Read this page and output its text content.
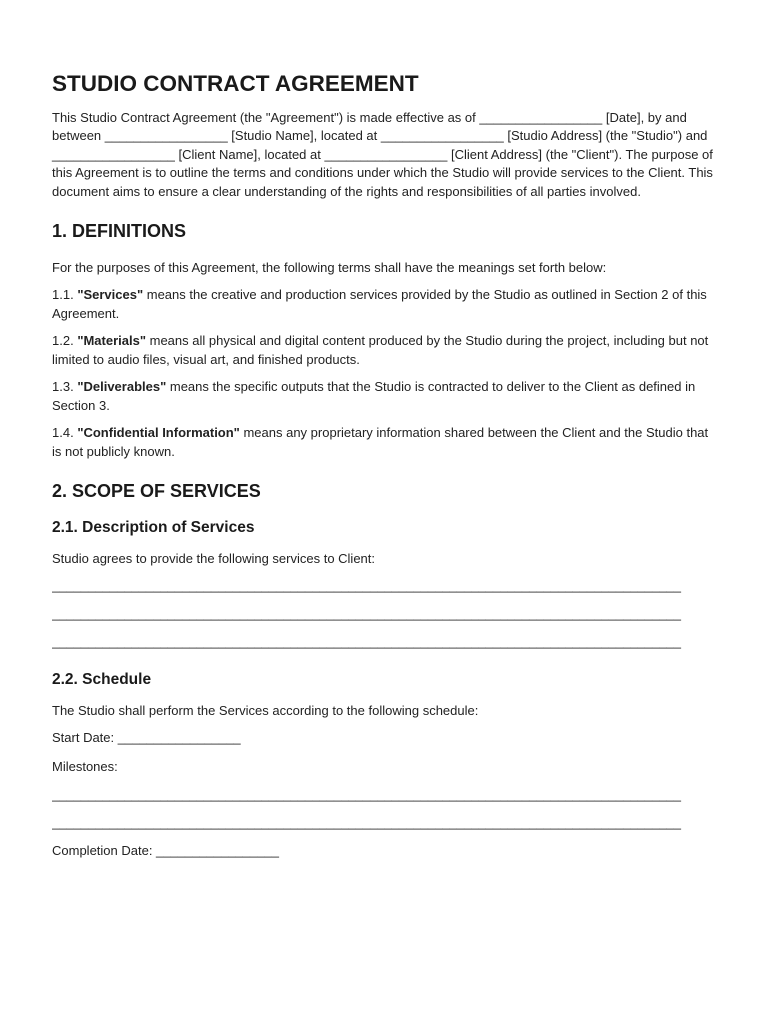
STUDIO CONTRACT AGREEMENT

This Studio Contract Agreement (the "Agreement") is made effective as of _________________ [Date], by and between _________________ [Studio Name], located at _________________ [Studio Address] (the "Studio") and _________________ [Client Name], located at _________________ [Client Address] (the "Client"). The purpose of this Agreement is to outline the terms and conditions under which the Studio will provide services to the Client. This document aims to ensure a clear understanding of the rights and responsibilities of all parties involved.

1. DEFINITIONS

For the purposes of this Agreement, the following terms shall have the meanings set forth below:

1.1. "Services" means the creative and production services provided by the Studio as outlined in Section 2 of this Agreement.

1.2. "Materials" means all physical and digital content produced by the Studio during the project, including but not limited to audio files, visual art, and finished products.

1.3. "Deliverables" means the specific outputs that the Studio is contracted to deliver to the Client as defined in Section 3.

1.4. "Confidential Information" means any proprietary information shared between the Client and the Studio that is not publicly known.

2. SCOPE OF SERVICES
2.1. Description of Services

Studio agrees to provide the following services to Client:

_______________________________________________________________________________________
_______________________________________________________________________________________
_______________________________________________________________________________________
2.2. Schedule

The Studio shall perform the Services according to the following schedule:

Start Date: _________________

Milestones:

_______________________________________________________________________________________
_______________________________________________________________________________________

Completion Date: _________________
